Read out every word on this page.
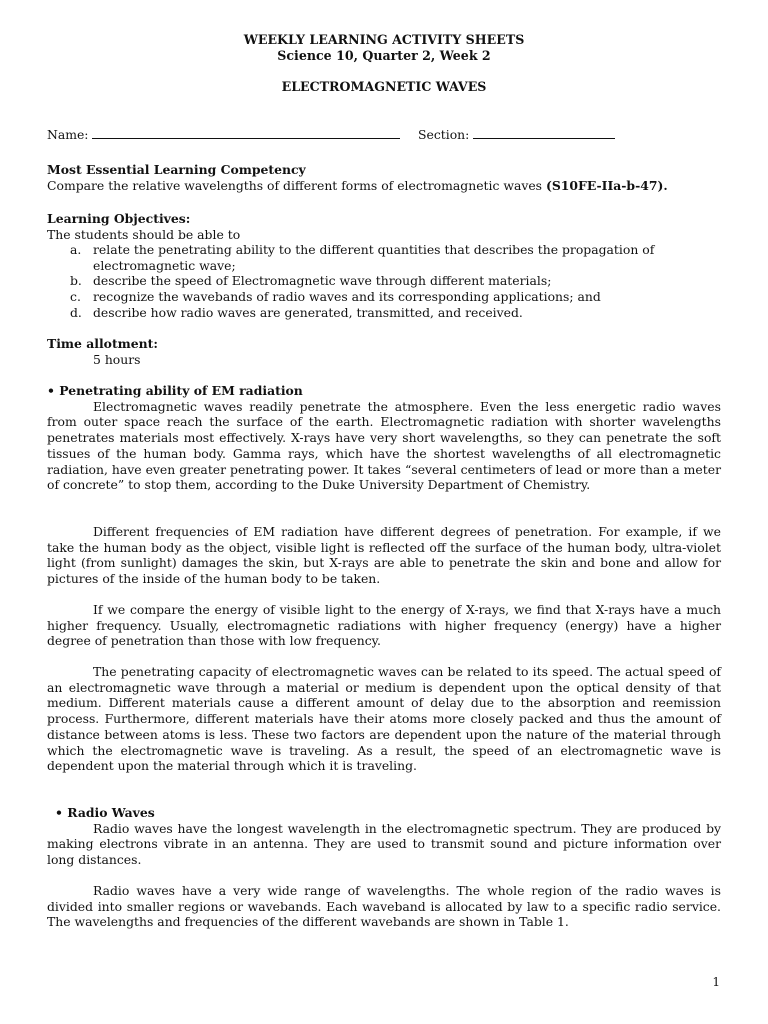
WEEKLY LEARNING ACTIVITY SHEETS
Science 10, Quarter 2, Week 2
ELECTROMAGNETIC WAVES
Name:	Section:
Most Essential Learning Competency
Compare the relative wavelengths of different forms of electromagnetic waves (S10FE-IIa-b-47).
Learning Objectives:
The students should be able to
a. relate the penetrating ability to the different quantities that describes the propagation of electromagnetic wave;
b. describe the speed of Electromagnetic wave through different materials;
c. recognize the wavebands of radio waves and its corresponding applications; and
d. describe how radio waves are generated, transmitted, and received.
Time allotment:
5 hours
• Penetrating ability of EM radiation
Electromagnetic waves readily penetrate the atmosphere. Even the less energetic radio waves from outer space reach the surface of the earth. Electromagnetic radiation with shorter wavelengths penetrates materials most effectively. X-rays have very short wavelengths, so they can penetrate the soft tissues of the human body. Gamma rays, which have the shortest wavelengths of all electromagnetic radiation, have even greater penetrating power. It takes “several centimeters of lead or more than a meter of concrete” to stop them, according to the Duke University Department of Chemistry.
Different frequencies of EM radiation have different degrees of penetration. For example, if we take the human body as the object, visible light is reflected off the surface of the human body, ultra-violet light (from sunlight) damages the skin, but X-rays are able to penetrate the skin and bone and allow for pictures of the inside of the human body to be taken.
If we compare the energy of visible light to the energy of X-rays, we find that X-rays have a much higher frequency. Usually, electromagnetic radiations with higher frequency (energy) have a higher degree of penetration than those with low frequency.
The penetrating capacity of electromagnetic waves can be related to its speed. The actual speed of an electromagnetic wave through a material or medium is dependent upon the optical density of that medium. Different materials cause a different amount of delay due to the absorption and reemission process. Furthermore, different materials have their atoms more closely packed and thus the amount of distance between atoms is less. These two factors are dependent upon the nature of the material through which the electromagnetic wave is traveling. As a result, the speed of an electromagnetic wave is dependent upon the material through which it is traveling.
• Radio Waves
Radio waves have the longest wavelength in the electromagnetic spectrum. They are produced by making electrons vibrate in an antenna. They are used to transmit sound and picture information over long distances.
Radio waves have a very wide range of wavelengths. The whole region of the radio waves is divided into smaller regions or wavebands. Each waveband is allocated by law to a specific radio service. The wavelengths and frequencies of the different wavebands are shown in Table 1.
1
